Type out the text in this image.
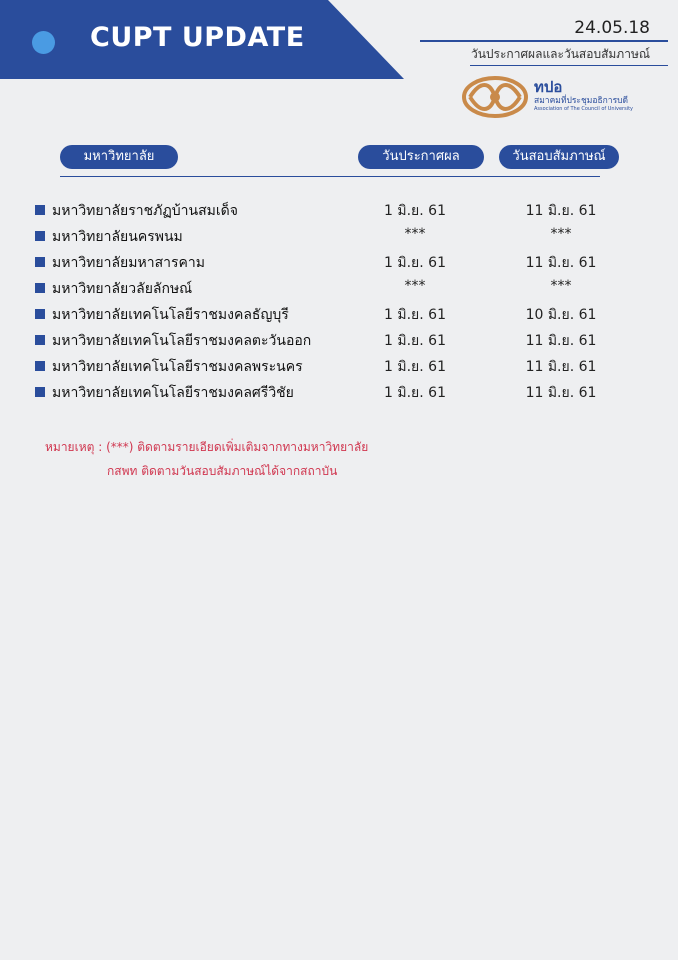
CUPT UPDATE	24.05.18
วันประกาศผลและวันสอบสัมภาษณ์
ทปอ
สมาคมที่ประชุมอธิการบดี
Association of The Council of University
มหาวิทยาลัย	วันประกาศผล	วันสอบสัมภาษณ์
มหาวิทยาลัยราชภัฏบ้านสมเด็จ	1 มิ.ย. 61	11 มิ.ย. 61
มหาวิทยาลัยนครพนม	***	***
มหาวิทยาลัยมหาสารคาม	1 มิ.ย. 61	11 มิ.ย. 61
มหาวิทยาลัยวลัยลักษณ์	***	***
มหาวิทยาลัยเทคโนโลยีราชมงคลธัญบุรี	1 มิ.ย. 61	10 มิ.ย. 61
มหาวิทยาลัยเทคโนโลยีราชมงคลตะวันออก	1 มิ.ย. 61	11 มิ.ย. 61
มหาวิทยาลัยเทคโนโลยีราชมงคลพระนคร	1 มิ.ย. 61	11 มิ.ย. 61
มหาวิทยาลัยเทคโนโลยีราชมงคลศรีวิชัย	1 มิ.ย. 61	11 มิ.ย. 61
หมายเหตุ : (***) ติดตามรายเอียดเพิ่มเติมจากทางมหาวิทยาลัย
กสพท ติดตามวันสอบสัมภาษณ์ได้จากสถาบัน
